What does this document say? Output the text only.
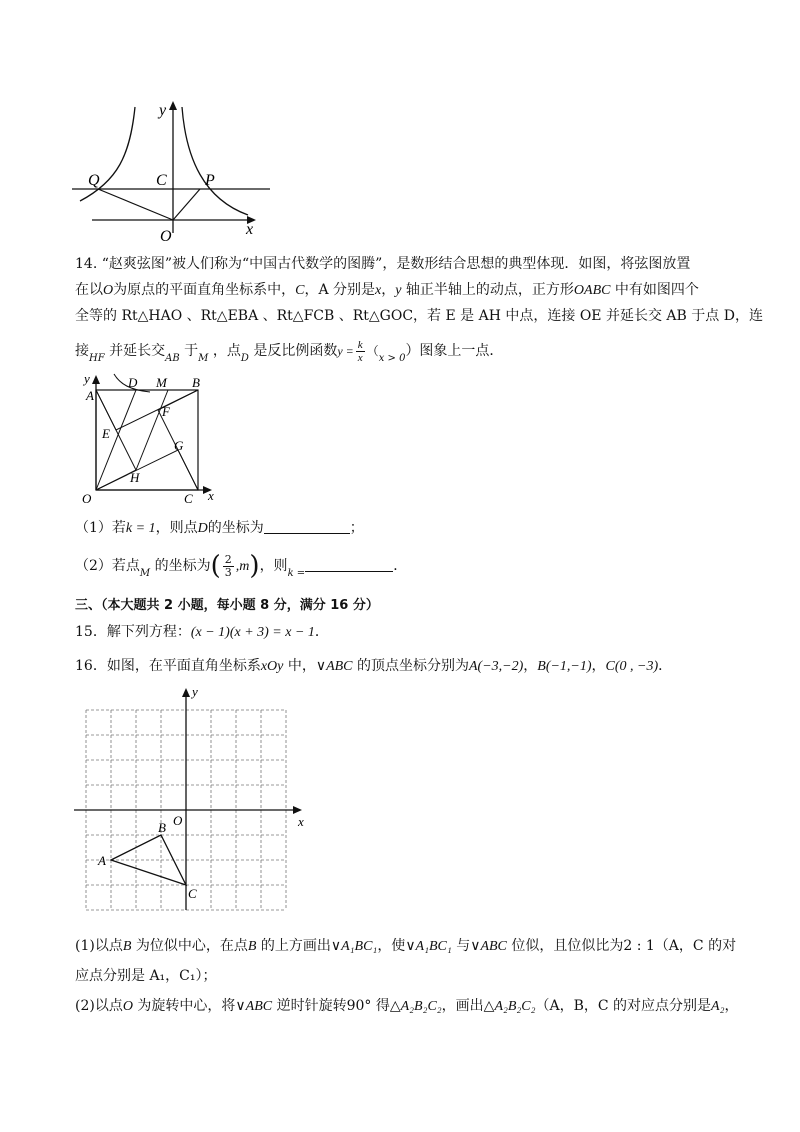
y
x
O
Q	C P
14. “赵爽弦图”被人们称为“中国古代数学的图腾”，是数形结合思想的典型体现．如图，将弦图放置
在以O为原点的平面直角坐标系中，C，A 分别是x，y 轴正半轴上的动点，正方形OABC 中有如图四个
全等的 Rt△HAO 、Rt△EBA 、Rt△FCB 、Rt△GOC，若 E 是 AH 中点，连接 OE 并延长交 AB 于点 D，连
接$_{HF}$ 并延长交$_{AB}$ 于$_M$ ，点$_D$ 是反比例函数$y = \frac{k}{x} (_{x > 0})$图象上一点．
y
A
D M B
F
E
G
H
O	C x
（1）若k = 1，则点D的坐标为	；
（2）若点$_M$ 的坐标为( $\frac{2}{3} ,m$)，则$_{k =}$	．
三、（本大题共 2 小题，每小题 8 分，满分 16 分）
15．解下列方程：(x − 1)(x + 3) = x − 1．
16．如图，在平面直角坐标系xOy 中，∨ABC 的顶点坐标分别为A(−3,−2)，B(−1,−1)，C(0 , −3)．
y
x
O
A
B
C
(1)以点B 为位似中心，在点B 的上方画出∨A₁BC₁，使∨A₁BC₁ 与∨ABC 位似，且位似比为2 : 1（A，C 的对
应点分别是 A₁，C₁）；
(2)以点O 为旋转中心，将∨ABC 逆时针旋转90° 得△A₂B₂C₂，画出△A₂B₂C₂（A，B，C 的对应点分别是A₂，
